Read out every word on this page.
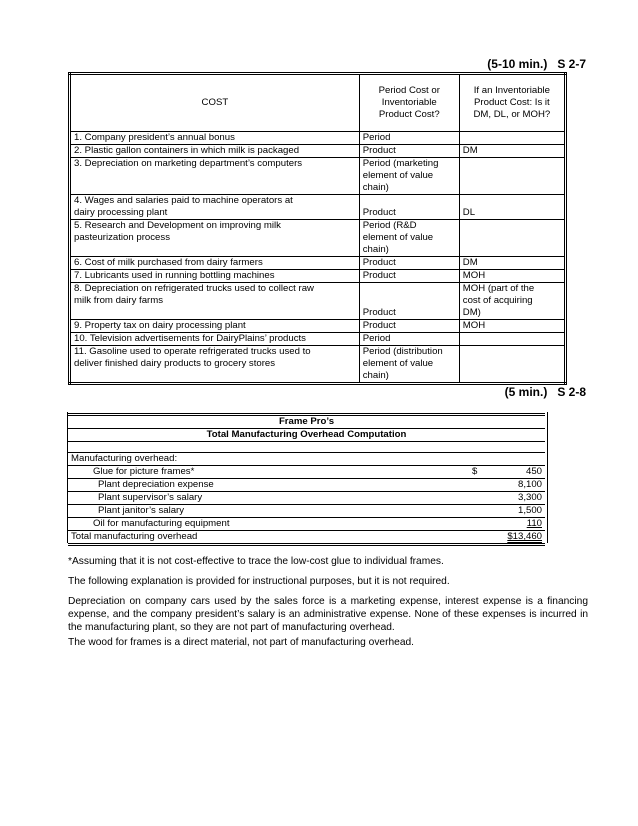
(5-10 min.) S 2-7
COST	Period Cost or
Inventoriable
Product Cost?	If an Inventoriable
Product Cost: Is it
DM, DL, or MOH?
1. Company president’s annual bonus	Period	
2. Plastic gallon containers in which milk is packaged	Product	DM
3. Depreciation on marketing department’s computers	Period (marketing
element of value
chain)	
4. Wages and salaries paid to machine operators at
dairy processing plant	Product	DL
5. Research and Development on improving milk
pasteurization process	Period (R&D
element of value
chain)	
6. Cost of milk purchased from dairy farmers	Product	DM
7. Lubricants used in running bottling machines	Product	MOH
8. Depreciation on refrigerated trucks used to collect raw
milk from dairy farms	Product	MOH (part of the
cost of acquiring
DM)
9. Property tax on dairy processing plant	Product	MOH
10. Television advertisements for DairyPlains’ products	Period	
11. Gasoline used to operate refrigerated trucks used to
deliver finished dairy products to grocery stores	Period (distribution
element of value
chain)	
(5 min.) S 2-8
Frame Pro’s	
Total Manufacturing Overhead Computation	

Manufacturing overhead:	
Glue for picture frames*	$ 450
Plant depreciation expense	8,100
Plant supervisor’s salary	3,300
Plant janitor’s salary	1,500
Oil for manufacturing equipment	110
Total manufacturing overhead	$13,460

*Assuming that it is not cost-effective to trace the low-cost glue to individual frames.

The following explanation is provided for instructional purposes, but it is not required.

Depreciation on company cars used by the sales force is a marketing expense, interest expense is a financing expense, and the company president’s salary is an administrative expense. None of these expenses is incurred in the manufacturing plant, so they are not part of manufacturing overhead.

The wood for frames is a direct material, not part of manufacturing overhead.
